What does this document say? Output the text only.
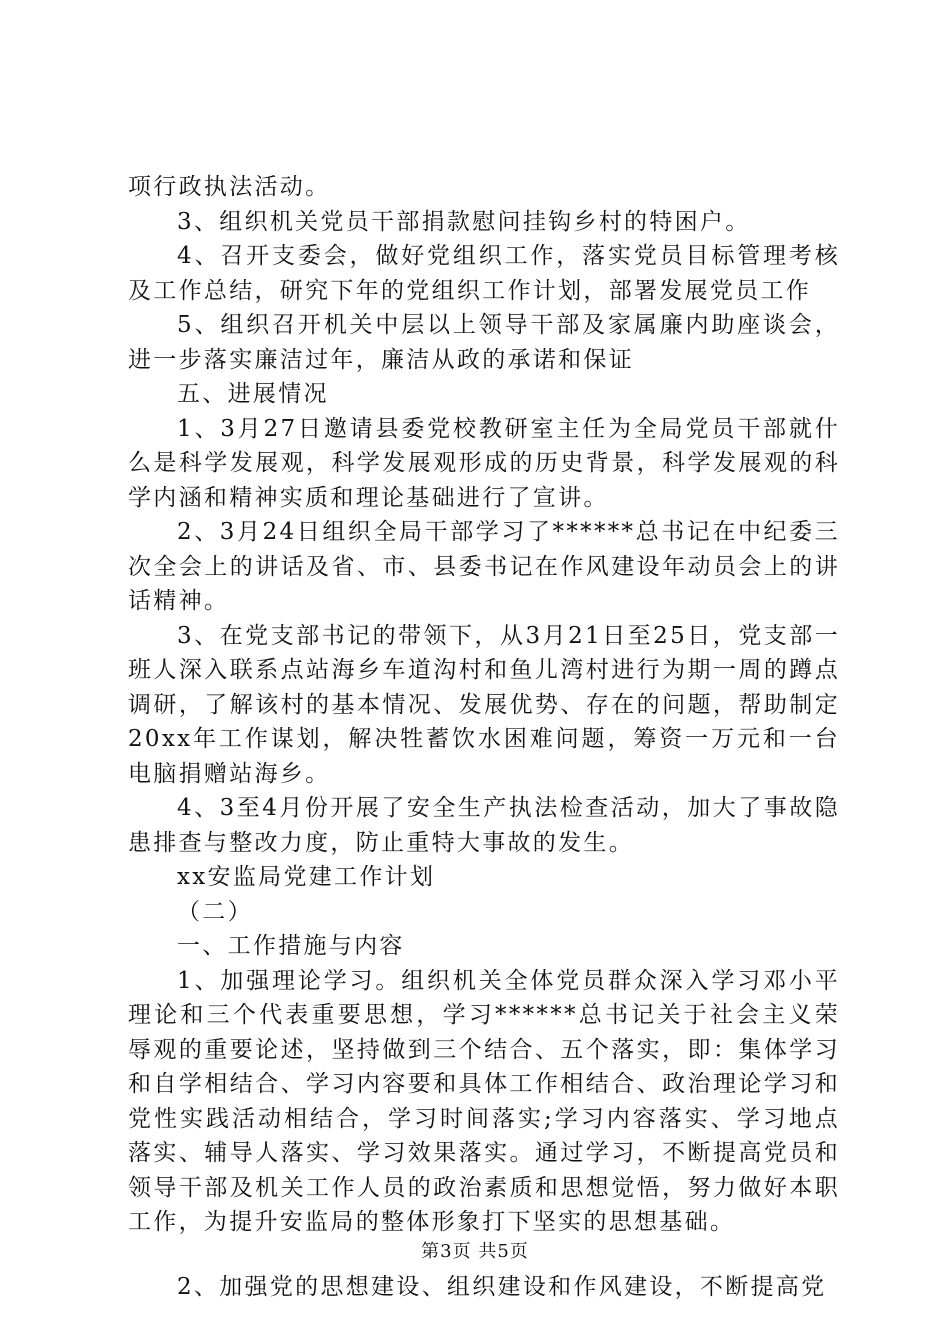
项行政执法活动。

3、组织机关党员干部捐款慰问挂钩乡村的特困户。

4、召开支委会，做好党组织工作，落实党员目标管理考核及工作总结，研究下年的党组织工作计划，部署发展党员工作

5、组织召开机关中层以上领导干部及家属廉内助座谈会，进一步落实廉洁过年，廉洁从政的承诺和保证

五、进展情况

1、3月27日邀请县委党校教研室主任为全局党员干部就什么是科学发展观，科学发展观形成的历史背景，科学发展观的科学内涵和精神实质和理论基础进行了宣讲。

2、3月24日组织全局干部学习了******总书记在中纪委三次全会上的讲话及省、市、县委书记在作风建设年动员会上的讲话精神。

3、在党支部书记的带领下，从3月21日至25日，党支部一班人深入联系点站海乡车道沟村和鱼儿湾村进行为期一周的蹲点调研，了解该村的基本情况、发展优势、存在的问题，帮助制定20xx年工作谋划，解决牲蓄饮水困难问题，筹资一万元和一台电脑捐赠站海乡。

4、3至4月份开展了安全生产执法检查活动，加大了事故隐患排查与整改力度，防止重特大事故的发生。

xx安监局党建工作计划

（二）

一、工作措施与内容

1、加强理论学习。组织机关全体党员群众深入学习邓小平理论和三个代表重要思想，学习******总书记关于社会主义荣辱观的重要论述，坚持做到三个结合、五个落实，即：集体学习和自学相结合、学习内容要和具体工作相结合、政治理论学习和党性实践活动相结合，学习时间落实;学习内容落实、学习地点落实、辅导人落实、学习效果落实。通过学习，不断提高党员和领导干部及机关工作人员的政治素质和思想觉悟，努力做好本职工作，为提升安监局的整体形象打下坚实的思想基础。

2、加强党的思想建设、组织建设和作风建设，不断提高党

第3页 共5页
